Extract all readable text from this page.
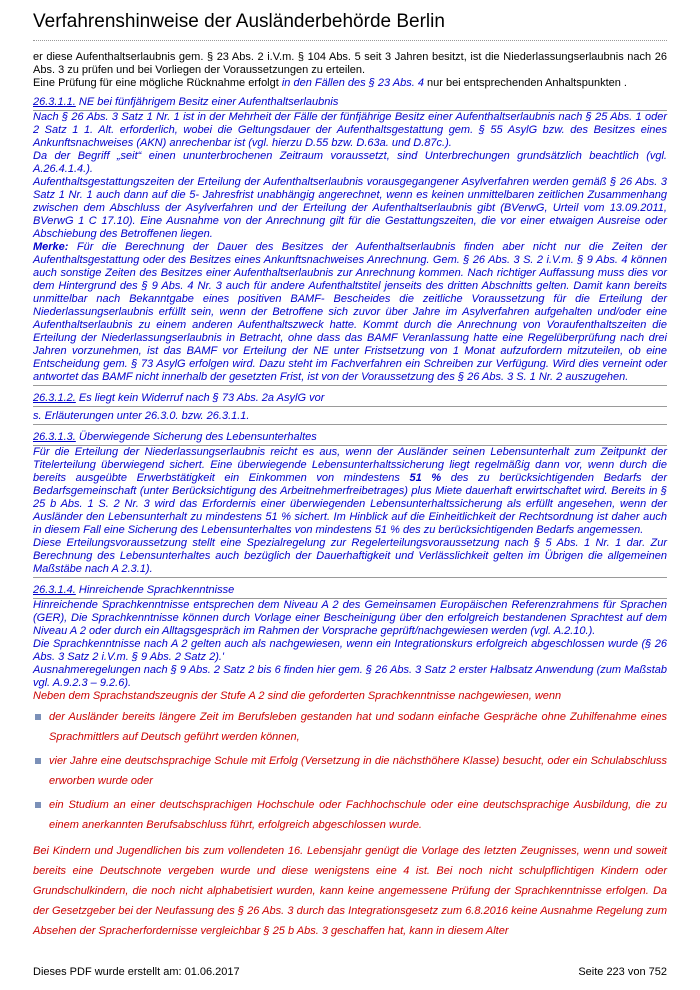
Verfahrenshinweise der Ausländerbehörde Berlin

er diese Aufenthaltserlaubnis gem. § 23 Abs. 2 i.V.m. § 104 Abs. 5 seit 3 Jahren besitzt, ist die Niederlassungserlaubnis nach 26 Abs. 3 zu prüfen und bei Vorliegen der Voraussetzungen zu erteilen.

Eine Prüfung für eine mögliche Rücknahme erfolgt in den Fällen des § 23 Abs. 4 nur bei entsprechenden Anhaltspunkten .

26.3.1.1. NE bei fünfjährigem Besitz einer Aufenthaltserlaubnis

Nach § 26 Abs. 3 Satz 1 Nr. 1 ist in der Mehrheit der Fälle der fünfjährige Besitz einer Aufenthaltserlaubnis nach § 25 Abs. 1 oder 2 Satz 1 1. Alt. erforderlich, wobei die Geltungsdauer der Aufenthaltsgestattung gem. § 55 AsylG bzw. des Besitzes eines Ankunftsnachweises (AKN) anrechenbar ist (vgl. hierzu D.55 bzw. D.63a. und D.87c.).

Da der Begriff „seit“ einen ununterbrochenen Zeitraum voraussetzt, sind Unterbrechungen grundsätzlich beachtlich (vgl. A.26.4.1.4.).

Aufenthaltsgestattungszeiten der Erteilung der Aufenthaltserlaubnis vorausgegangener Asylverfahren werden gemäß § 26 Abs. 3 Satz 1 Nr. 1 auch dann auf die 5- Jahresfrist unabhängig angerechnet, wenn es keinen unmittelbaren zeitlichen Zusammenhang zwischen dem Abschluss der Asylverfahren und der Erteilung der Aufenthaltserlaubnis gibt (BVerwG, Urteil vom 13.09.2011, BVerwG 1 C 17.10). Eine Ausnahme von der Anrechnung gilt für die Gestattungszeiten, die vor einer etwaigen Ausreise oder Abschiebung des Betroffenen liegen.

Merke: Für die Berechnung der Dauer des Besitzes der Aufenthaltserlaubnis finden aber nicht nur die Zeiten der Aufenthaltsgestattung oder des Besitzes eines Ankunftsnachweises Anrechnung. Gem. § 26 Abs. 3 S. 2 i.V.m. § 9 Abs. 4 können auch sonstige Zeiten des Besitzes einer Aufenthaltserlaubnis zur Anrechnung kommen. Nach richtiger Auffassung muss dies vor dem Hintergrund des § 9 Abs. 4 Nr. 3 auch für andere Aufenthaltstitel jenseits des dritten Abschnitts gelten. Damit kann bereits unmittelbar nach Bekanntgabe eines positiven BAMF- Bescheides die zeitliche Voraussetzung für die Erteilung der Niederlassungserlaubnis erfüllt sein, wenn der Betroffene sich zuvor über Jahre im Asylverfahren aufgehalten und/oder eine Aufenthaltserlaubnis zu einem anderen Aufenthaltszweck hatte. Kommt durch die Anrechnung von Voraufenthaltszeiten die Erteilung der Niederlassungserlaubnis in Betracht, ohne dass das BAMF Veranlassung hatte eine Regelüberprüfung nach drei Jahren vorzunehmen, ist das BAMF vor Erteilung der NE unter Fristsetzung von 1 Monat aufzufordern mitzuteilen, ob eine Entscheidung gem. § 73 AsylG erfolgen wird. Dazu steht im Fachverfahren ein Schreiben zur Verfügung. Wird dies verneint oder antwortet das BAMF nicht innerhalb der gesetzten Frist, ist von der Voraussetzung des § 26 Abs. 3 S. 1 Nr. 2 auszugehen.

26.3.1.2. Es liegt kein Widerruf nach § 73 Abs. 2a AsylG vor

s. Erläuterungen unter 26.3.0. bzw. 26.3.1.1.

26.3.1.3. Überwiegende Sicherung des Lebensunterhaltes

Für die Erteilung der Niederlassungserlaubnis reicht es aus, wenn der Ausländer seinen Lebensunterhalt zum Zeitpunkt der Titelerteilung überwiegend sichert. Eine überwiegende Lebensunterhaltssicherung liegt regelmäßig dann vor, wenn durch die bereits ausgeübte Erwerbstätigkeit ein Einkommen von mindestens 51 % des zu berücksichtigenden Bedarfs der Bedarfsgemeinschaft (unter Berücksichtigung des Arbeitnehmerfreibetrages) plus Miete dauerhaft erwirtschaftet wird. Bereits in § 25 b Abs. 1 S. 2 Nr. 3 wird das Erfordernis einer überwiegenden Lebensunterhaltssicherung als erfüllt angesehen, wenn der Ausländer den Lebensunterhalt zu mindestens 51 % sichert. Im Hinblick auf die Einheitlichkeit der Rechtsordnung ist daher auch in diesem Fall eine Sicherung des Lebensunterhaltes von mindestens 51 % des zu berücksichtigenden Bedarfs angemessen.

Diese Erteilungsvoraussetzung stellt eine Spezialregelung zur Regelerteilungsvoraussetzung nach § 5 Abs. 1 Nr. 1 dar. Zur Berechnung des Lebensunterhaltes auch bezüglich der Dauerhaftigkeit und Verlässlichkeit gelten im Übrigen die allgemeinen Maßstäbe nach A 2.3.1).

26.3.1.4. Hinreichende Sprachkenntnisse

Hinreichende Sprachkenntnisse entsprechen dem Niveau A 2 des Gemeinsamen Europäischen Referenzrahmens für Sprachen (GER), Die Sprachkenntnisse können durch Vorlage einer Bescheinigung über den erfolgreich bestandenen Sprachtest auf dem Niveau A 2 oder durch ein Alltagsgespräch im Rahmen der Vorsprache geprüft/nachgewiesen werden (vgl. A.2.10.).

Die Sprachkenntnisse nach A 2 gelten auch als nachgewiesen, wenn ein Integrationskurs erfolgreich abgeschlossen wurde (§ 26 Abs. 3 Satz 2 i.V.m. § 9 Abs. 2 Satz 2).'

Ausnahmeregelungen nach § 9 Abs. 2 Satz 2 bis 6 finden hier gem. § 26 Abs. 3 Satz 2 erster Halbsatz Anwendung (zum Maßstab vgl. A.9.2.3 – 9.2.6).

Neben dem Sprachstandszeugnis der Stufe A 2 sind die geforderten Sprachkenntnisse nachgewiesen, wenn

der Ausländer bereits längere Zeit im Berufsleben gestanden hat und sodann einfache Gespräche ohne Zuhilfenahme eines Sprachmittlers auf Deutsch geführt werden können,
vier Jahre eine deutschsprachige Schule mit Erfolg (Versetzung in die nächsthöhere Klasse) besucht, oder ein Schulabschluss erworben wurde oder
ein Studium an einer deutschsprachigen Hochschule oder Fachhochschule oder eine deutschsprachige Ausbildung, die zu einem anerkannten Berufsabschluss führt, erfolgreich abgeschlossen wurde.

Bei Kindern und Jugendlichen bis zum vollendeten 16. Lebensjahr genügt die Vorlage des letzten Zeugnisses, wenn und soweit bereits eine Deutschnote vergeben wurde und diese wenigstens eine 4 ist. Bei noch nicht schulpflichtigen Kindern oder Grundschulkindern, die noch nicht alphabetisiert wurden, kann keine angemessene Prüfung der Sprachkenntnisse erfolgen. Da der Gesetzgeber bei der Neufassung des § 26 Abs. 3 durch das Integrationsgesetz zum 6.8.2016 keine Ausnahme Regelung zum Absehen der Spracherfordernisse vergleichbar § 25 b Abs. 3 geschaffen hat, kann in diesem Alter

Dieses PDF wurde erstellt am: 01.06.2017	Seite 223 von 752
